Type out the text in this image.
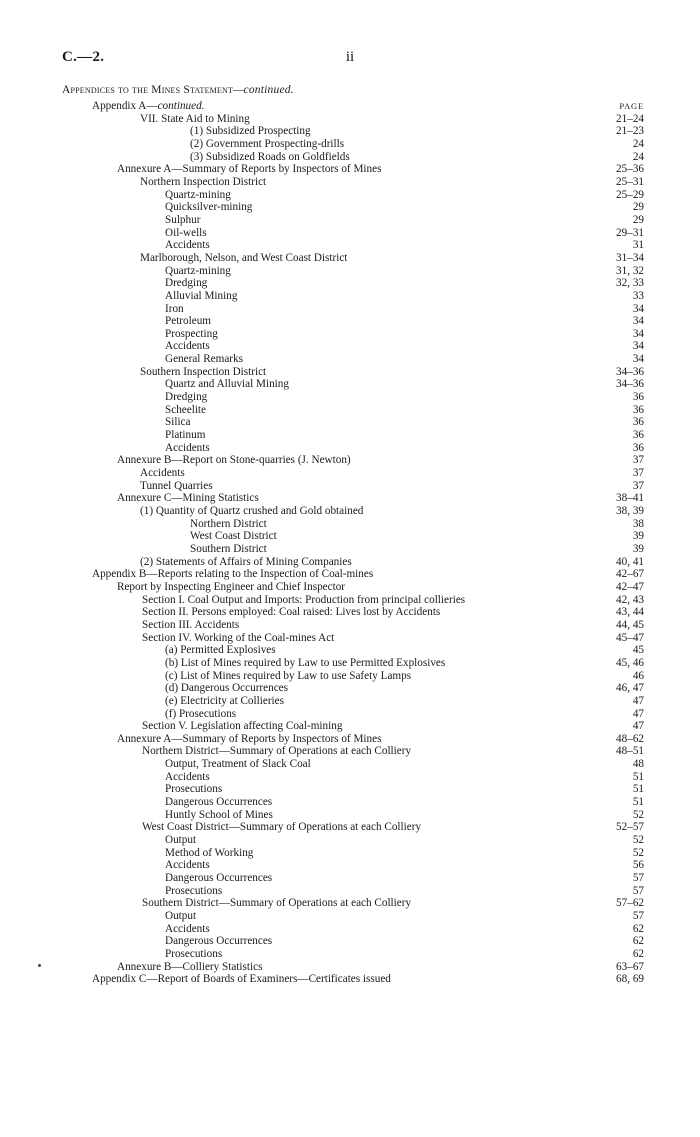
C.—2.	ii
Appendices to the Mines Statement—continued.
PAGE
Appendix A—continued.
VII. State Aid to Mining	21–24
(1) Subsidized Prospecting	21–23
(2) Government Prospecting-drills	24
(3) Subsidized Roads on Goldfields	24
Annexure A—Summary of Reports by Inspectors of Mines	25–36
Northern Inspection District	25–31
Quartz-mining	25–29
Quicksilver-mining	29
Sulphur	29
Oil-wells	29–31
Accidents	31
Marlborough, Nelson, and West Coast District	31–34
Quartz-mining	31, 32
Dredging	32, 33
Alluvial Mining	33
Iron	34
Petroleum	34
Prospecting	34
Accidents	34
General Remarks	34
Southern Inspection District	34–36
Quartz and Alluvial Mining	34–36
Dredging	36
Scheelite	36
Silica	36
Platinum	36
Accidents	36
Annexure B—Report on Stone-quarries (J. Newton)	37
Accidents	37
Tunnel Quarries	37
Annexure C—Mining Statistics	38–41
(1) Quantity of Quartz crushed and Gold obtained	38, 39
Northern District	38
West Coast District	39
Southern District	39
(2) Statements of Affairs of Mining Companies	40, 41
Appendix B—Reports relating to the Inspection of Coal-mines	42–67
Report by Inspecting Engineer and Chief Inspector	42–47
Section I. Coal Output and Imports: Production from principal collieries	42, 43
Section II. Persons employed: Coal raised: Lives lost by Accidents	43, 44
Section III. Accidents	44, 45
Section IV. Working of the Coal-mines Act	45–47
(a) Permitted Explosives	45
(b) List of Mines required by Law to use Permitted Explosives	45, 46
(c) List of Mines required by Law to use Safety Lamps	46
(d) Dangerous Occurrences	46, 47
(e) Electricity at Collieries	47
(f) Prosecutions	47
Section V. Legislation affecting Coal-mining	47
Annexure A—Summary of Reports by Inspectors of Mines	48–62
Northern District—Summary of Operations at each Colliery	48–51
Output, Treatment of Slack Coal	48
Accidents	51
Prosecutions	51
Dangerous Occurrences	51
Huntly School of Mines	52
West Coast District—Summary of Operations at each Colliery	52–57
Output	52
Method of Working	52
Accidents	56
Dangerous Occurrences	57
Prosecutions	57
Southern District—Summary of Operations at each Colliery	57–62
Output	57
Accidents	62
Dangerous Occurrences	62
Prosecutions	62
Annexure B—Colliery Statistics	63–67
Appendix C—Report of Boards of Examiners—Certificates issued	68, 69
